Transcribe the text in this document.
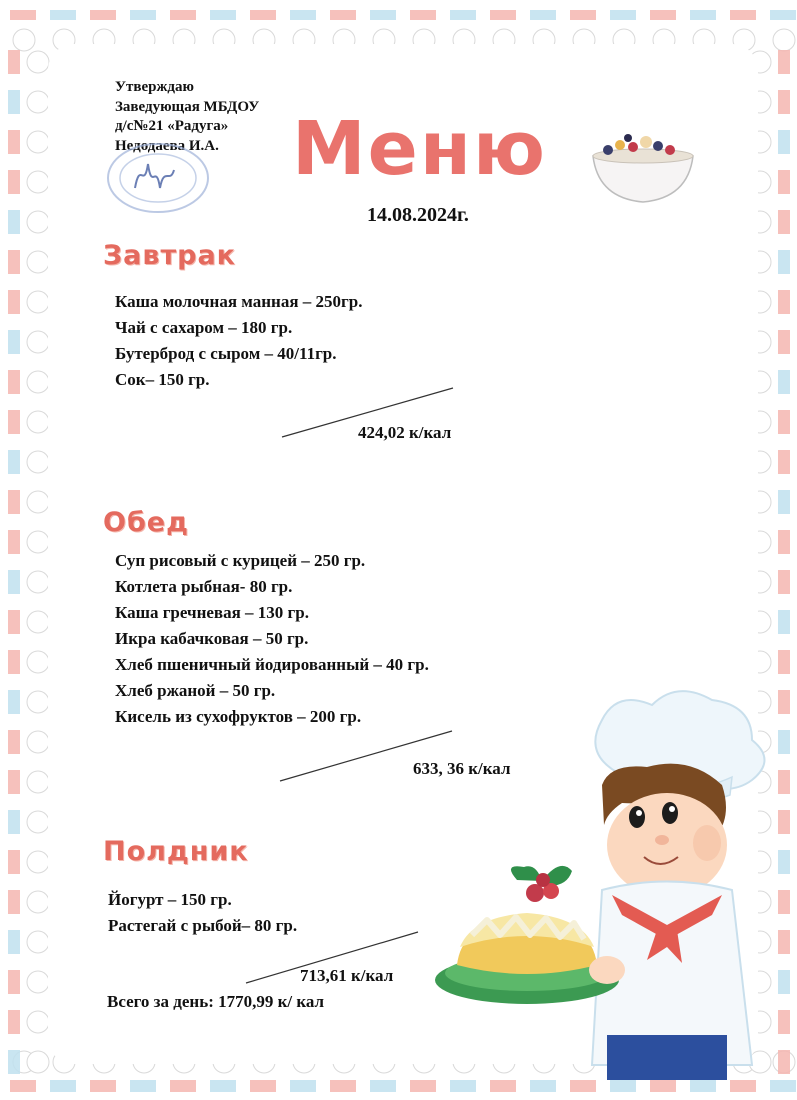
Утверждаю
Заведующая МБДОУ
д/с№21 «Радуга»
Недодаева И.А. Меню
14.08.2024г.
Завтрак
Каша молочная манная – 250гр.
Чай с сахаром – 180 гр.
Бутерброд с сыром – 40/11гр.
Сок– 150 гр.
424,02 к/кал
Обед
Суп рисовый с курицей – 250 гр.
Котлета рыбная- 80 гр.
Каша гречневая – 130 гр.
Икра кабачковая – 50 гр.
Хлеб пшеничный йодированный – 40 гр.
Хлеб ржаной – 50 гр.
Кисель из сухофруктов – 200 гр.
633, 36 к/кал
Полдник
Йогурт – 150 гр.
Растегай с рыбой– 80 гр.
713,61 к/кал
Всего за день: 1770,99 к/ кал
